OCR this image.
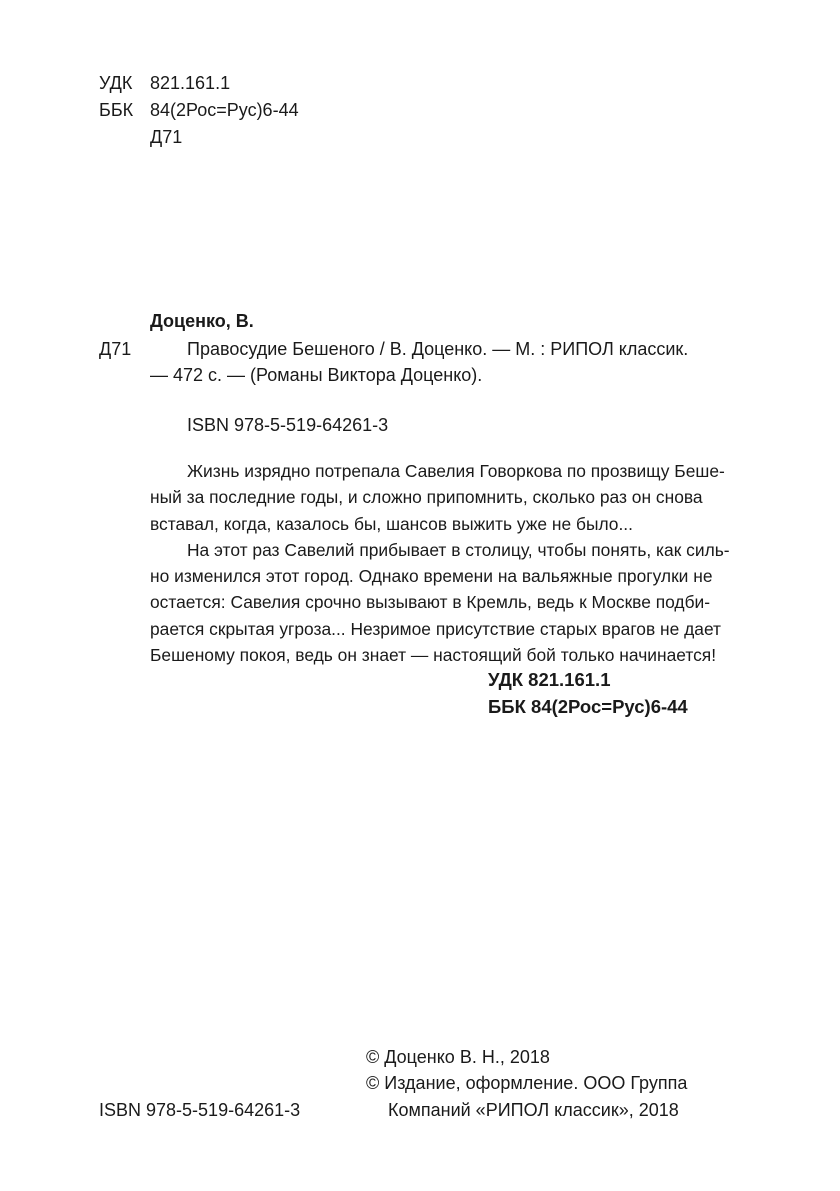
УДК 821.161.1
ББК 84(2Рос=Рус)6-44
Д71
Доценко, В.
Д71	Правосудие Бешеного / В. Доценко. — М. : РИПОЛ классик.
— 472 с. — (Романы Виктора Доценко).
ISBN 978-5-519-64261-3
Жизнь изрядно потрепала Савелия Говоркова по прозвищу Беше-
ный за последние годы, и сложно припомнить, сколько раз он снова
вставал, когда, казалось бы, шансов выжить уже не было...
На этот раз Савелий прибывает в столицу, чтобы понять, как силь-
но изменился этот город. Однако времени на вальяжные прогулки не
остается: Савелия срочно вызывают в Кремль, ведь к Москве подби-
рается скрытая угроза... Незримое присутствие старых врагов не дает
Бешеному покоя, ведь он знает — настоящий бой только начинается!
УДК 821.161.1
ББК 84(2Рос=Рус)6-44
© Доценко В. Н., 2018
© Издание, оформление. ООО Группа
Компаний «РИПОЛ классик», 2018
ISBN 978-5-519-64261-3
